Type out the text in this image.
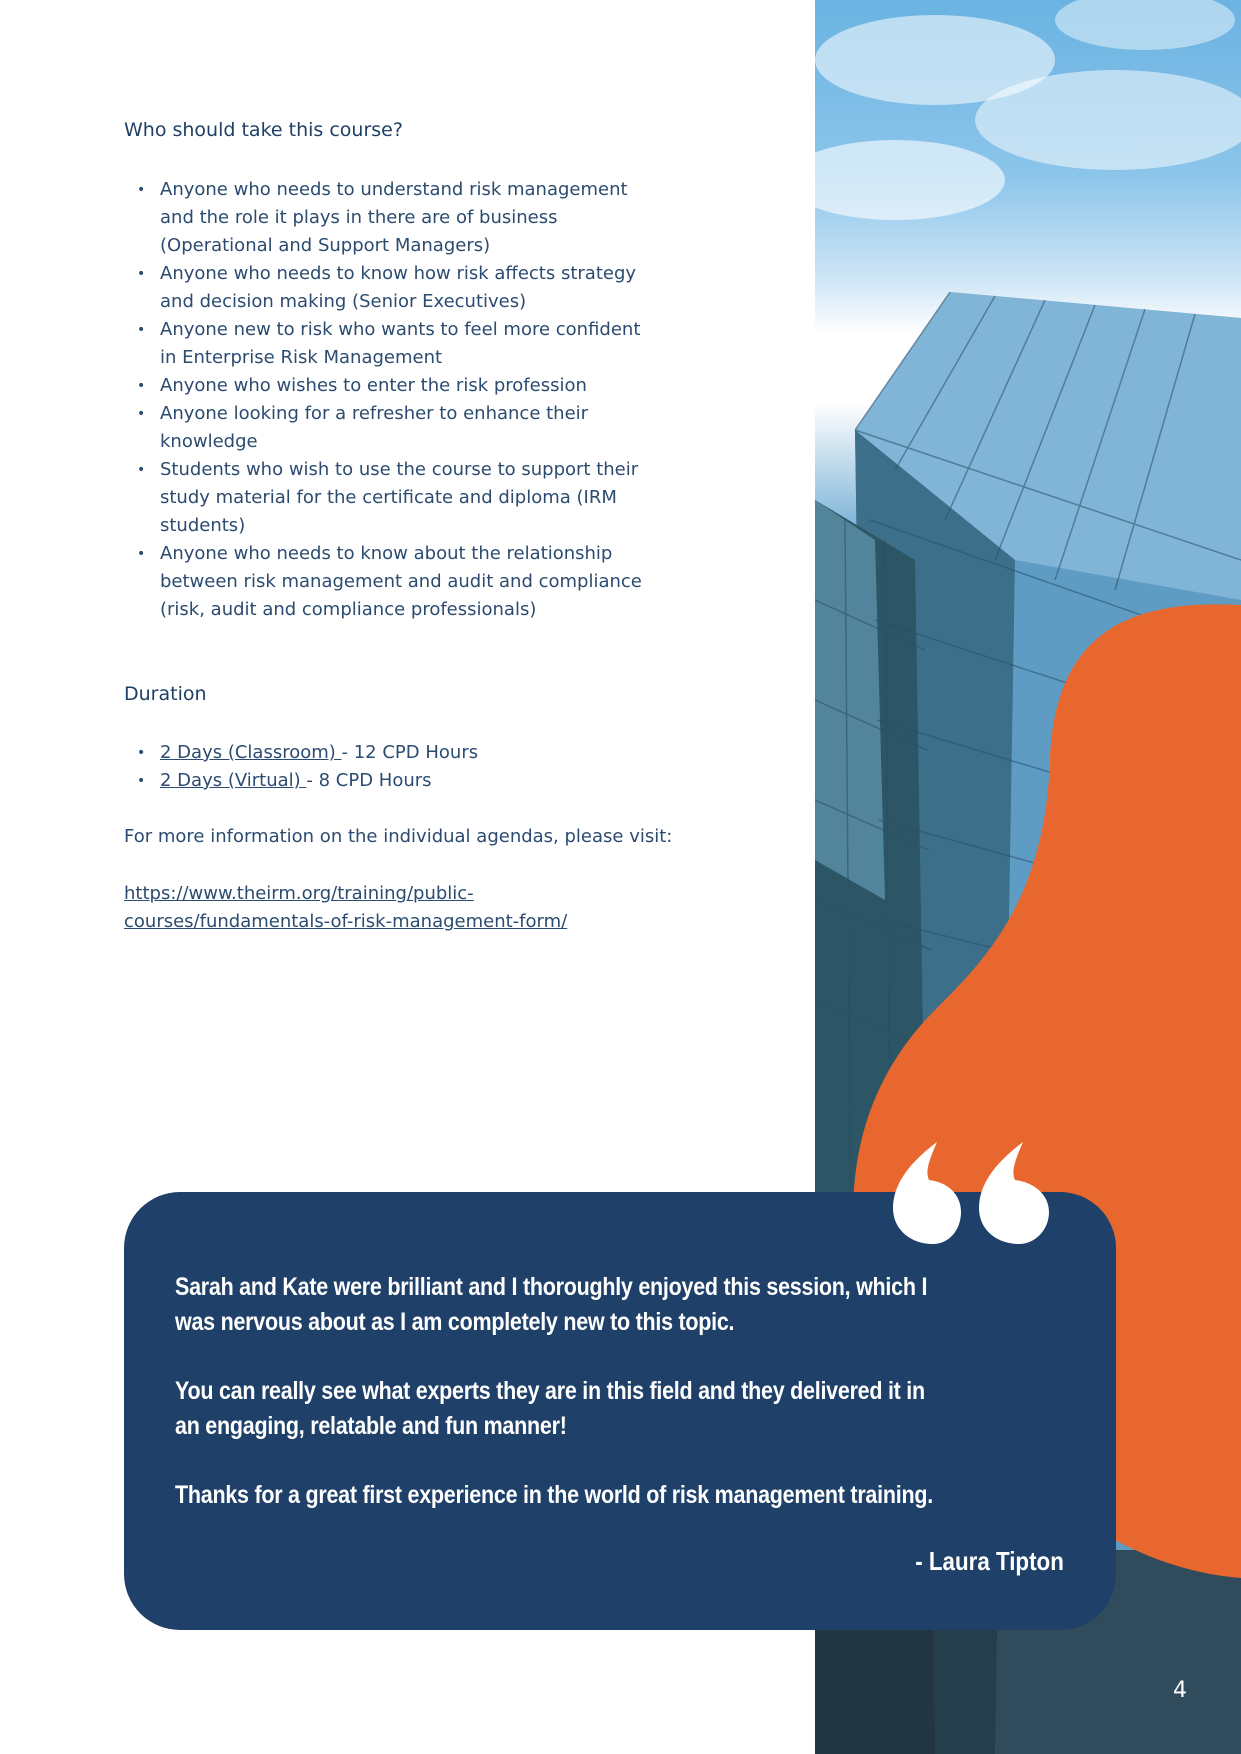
Who should take this course?
• Anyone who needs to understand risk management and the role it plays in there are of business (Operational and Support Managers)
• Anyone who needs to know how risk affects strategy and decision making (Senior Executives)
• Anyone new to risk who wants to feel more confident in Enterprise Risk Management
• Anyone who wishes to enter the risk profession
• Anyone looking for a refresher to enhance their knowledge
• Students who wish to use the course to support their study material for the certificate and diploma (IRM students)
• Anyone who needs to know about the relationship between risk management and audit and compliance (risk, audit and compliance professionals)
Duration
• 2 Days (Classroom) - 12 CPD Hours
• 2 Days (Virtual) - 8 CPD Hours

For more information on the individual agendas, please visit:

https://www.theirm.org/training/public-
courses/fundamentals-of-risk-management-form/

Sarah and Kate were brilliant and I thoroughly enjoyed this session, which I was nervous about as I am completely new to this topic.

You can really see what experts they are in this field and they delivered it in an engaging, relatable and fun manner!

Thanks for a great first experience in the world of risk management training.

- Laura Tipton
4
